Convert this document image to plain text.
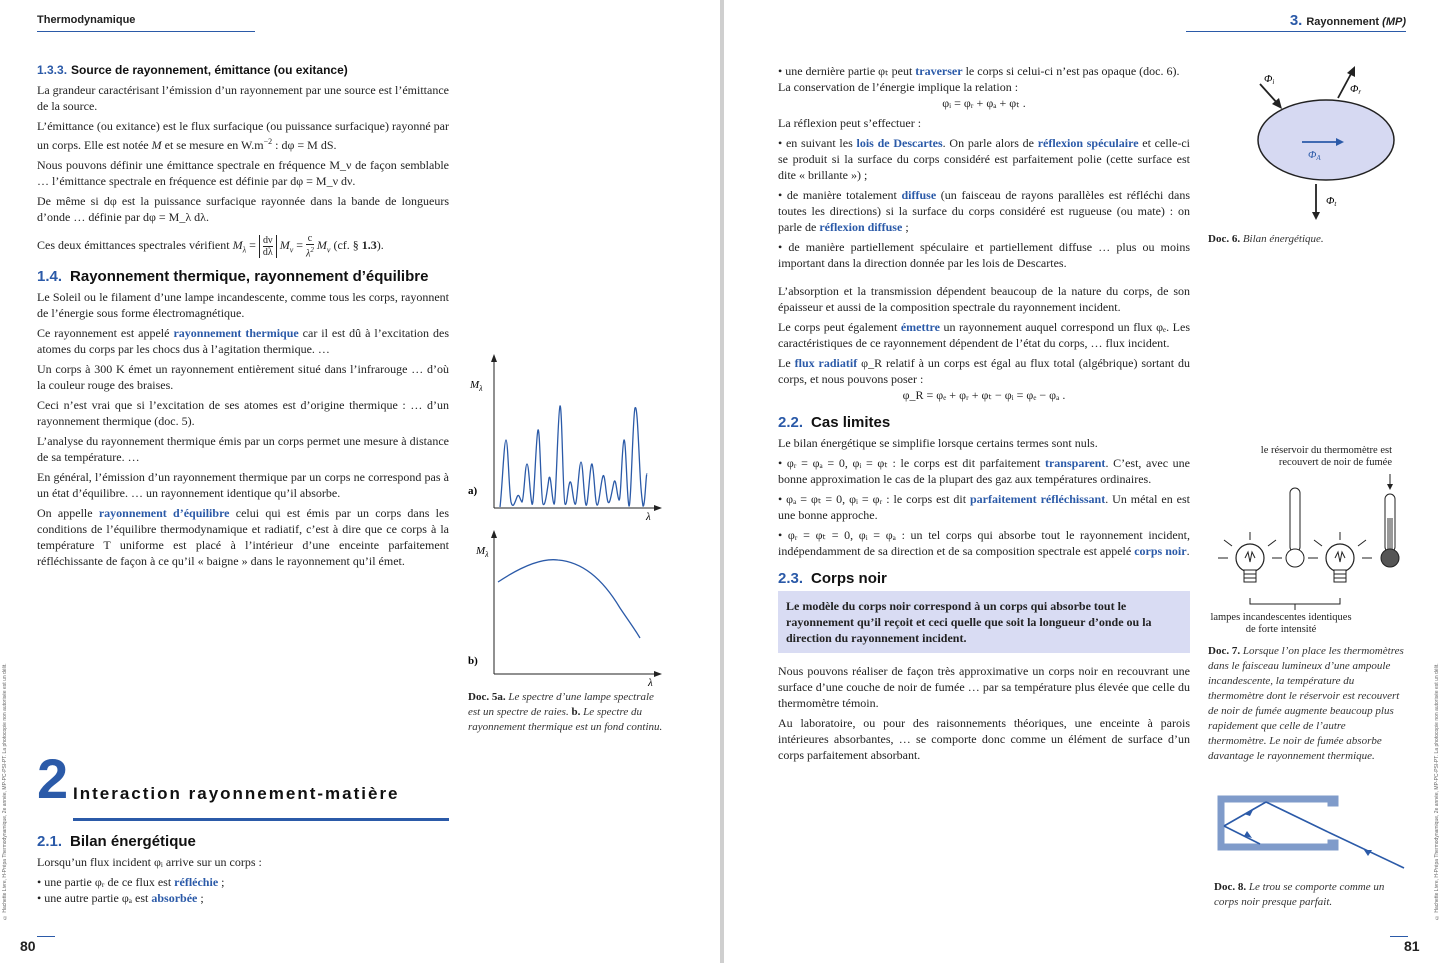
Thermodynamique
© Hachette Livre, H-Prépa Thermodynamique, 2e année, MP-PC-PSI-PT. La photocopie non autorisée est un délit.
1.3.3. Source de rayonnement, émittance (ou exitance)

La grandeur caractérisant l’émission d’un rayonnement par une source est l’émittance de la source.

L’émittance (ou exitance) est le flux surfacique (ou puissance surfacique) rayonné par un corps. Elle est notée M et se mesure en $W.m^{-2}$ : dφ = M dS.

Nous pouvons définir une émittance spectrale en fréquence M_ν de façon semblable … l’émittance spectrale en fréquence est définie par dφ = M_ν dν.

De même si dφ est la puissance surfacique rayonnée dans la bande de longueurs d’onde … définie par dφ = M_λ dλ.

Ces deux émittances spectrales vérifient $M_\lambda = \frac{d\nu}{d\lambda} M_\nu = \frac{c}{\lambda^2} M_\nu$ (cf. § 1.3).

1.4. Rayonnement thermique, rayonnement d’équilibre

Le Soleil ou le filament d’une lampe incandescente, comme tous les corps, rayonnent de l’énergie sous forme électromagnétique.

Ce rayonnement est appelé rayonnement thermique car il est dû à l’excitation des atomes du corps par les chocs dus à l’agitation thermique. …

Un corps à 300 K émet un rayonnement entièrement situé dans l’infrarouge … d’où la couleur rouge des braises.

Ceci n’est vrai que si l’excitation de ses atomes est d’origine thermique : … d’un rayonnement thermique (doc. 5).

L’analyse du rayonnement thermique émis par un corps permet une mesure à distance de sa température. …

En général, l’émission d’un rayonnement thermique par un corps ne correspond pas à un état d’équilibre. … un rayonnement identique qu’il absorbe.

On appelle rayonnement d’équilibre celui qui est émis par un corps dans les conditions de l’équilibre thermodynamique et radiatif, c’est à dire que ce corps à la température T uniforme est placé à l’intérieur d’une enceinte parfaitement réfléchissante de façon à ce qu’il « baigne » dans le rayonnement qu’il émet.

2 Interaction rayonnement-matière
2.1. Bilan énergétique

Lorsqu’un flux incident φᵢ arrive sur un corps :

• une partie φᵣ de ce flux est réfléchie ;

• une autre partie φₐ est absorbée ;

$M_\lambda$
a)
λ
$M_\lambda$
b)
λ
Doc. 5a. Le spectre d’une lampe spectrale est un spectre de raies. b. Le spectre du rayonnement thermique est un fond continu.
80
3. Rayonnement (MP)
© Hachette Livre, H-Prépa Thermodynamique, 2e année, MP-PC-PSI-PT. La photocopie non autorisée est un délit.

• une dernière partie φₜ peut traverser le corps si celui-ci n’est pas opaque (doc. 6).

La conservation de l’énergie implique la relation :

φᵢ = φᵣ + φₐ + φₜ .

La réflexion peut s’effectuer :

• en suivant les lois de Descartes. On parle alors de réflexion spéculaire et celle-ci se produit si la surface du corps considéré est parfaitement polie (cette surface est dite « brillante ») ;

• de manière totalement diffuse (un faisceau de rayons parallèles est réfléchi dans toutes les directions) si la surface du corps considéré est rugueuse (ou mate) : on parle de réflexion diffuse ;

• de manière partiellement spéculaire et partiellement diffuse … plus ou moins important dans la direction donnée par les lois de Descartes.

L’absorption et la transmission dépendent beaucoup de la nature du corps, de son épaisseur et aussi de la composition spectrale du rayonnement incident.

Le corps peut également émettre un rayonnement auquel correspond un flux φₑ. Les caractéristiques de ce rayonnement dépendent de l’état du corps, … flux incident.

Le flux radiatif φ_R relatif à un corps est égal au flux total (algébrique) sortant du corps, et nous pouvons poser :

φ_R = φₑ + φᵣ + φₜ − φᵢ = φₑ − φₐ .

2.2. Cas limites

Le bilan énergétique se simplifie lorsque certains termes sont nuls.

• φᵣ = φₐ = 0, φᵢ = φₜ : le corps est dit parfaitement transparent. C’est, avec une bonne approximation le cas de la plupart des gaz aux températures ordinaires.

• φₐ = φₜ = 0, φᵢ = φᵣ : le corps est dit parfaitement réfléchissant. Un métal en est une bonne approche.

• φᵣ = φₜ = 0, φᵢ = φₐ : un tel corps qui absorbe tout le rayonnement incident, indépendamment de sa direction et de sa composition spectrale est appelé corps noir.

2.3. Corps noir
Le modèle du corps noir correspond à un corps qui absorbe tout le rayonnement qu’il reçoit et ceci quelle que soit la longueur d’onde ou la direction du rayonnement incident.

Nous pouvons réaliser de façon très approximative un corps noir en recouvrant une surface d’une couche de noir de fumée … par sa température plus élevée que celle du thermomètre témoin.

Au laboratoire, ou pour des raisonnements théoriques, une enceinte à parois intérieures absorbantes, … se comporte donc comme un élément de surface d’un corps parfaitement absorbant.

Φi
Φr
ΦA
Φt
Doc. 6. Bilan énergétique.
le réservoir du thermomètre est
recouvert de noir de fumée
lampes incandescentes identiques
de forte intensité
Doc. 7. Lorsque l’on place les thermomètres dans le faisceau lumineux d’une ampoule incandescente, la température du thermomètre dont le réservoir est recouvert de noir de fumée augmente beaucoup plus rapidement que celle de l’autre thermomètre. Le noir de fumée absorbe davantage le rayonnement thermique.
Doc. 8. Le trou se comporte comme un corps noir presque parfait.
81
